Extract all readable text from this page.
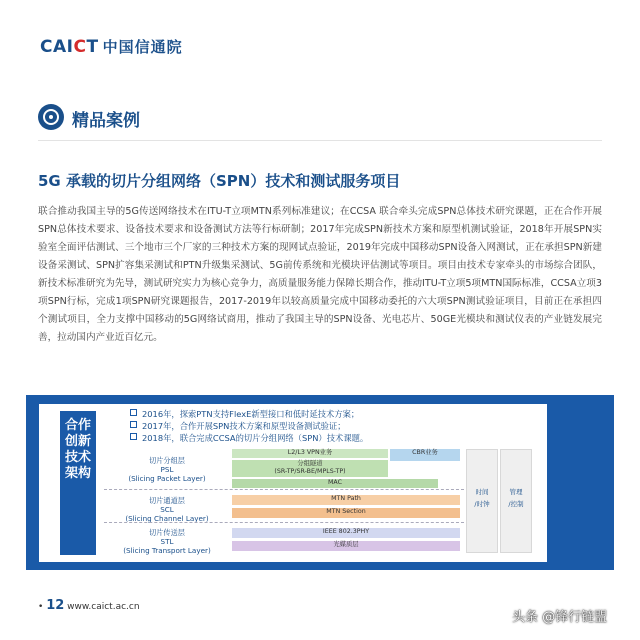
CAICT 中国信通院
精品案例
5G 承载的切片分组网络（SPN）技术和测试服务项目
联合推动我国主导的5G传送网络技术在ITU-T立项MTN系列标准建议；在CCSA 联合牵头完成SPN总体技术研究课题，正在合作开展SPN总体技术要求、设备技术要求和设备测试方法等行标研制；2017年完成SPN新技术方案和原型机测试验证，2018年开展SPN实验室全面评估测试、三个地市三个厂家的三种技术方案的现网试点验证，2019年完成中国移动SPN设备入网测试，正在承担SPN新建设备采测试、SPN扩容集采测试和PTN升级集采测试、5G前传系统和光模块评估测试等项目。项目由技术专家牵头的市场综合团队，新技术标准研究为先导，测试研究实力为核心竞争力，高质量服务能力保障长期合作，推动ITU-T立项5项MTN国际标准，CCSA立项3项SPN行标，完成1项SPN研究课题报告，2017-2019年以较高质量完成中国移动委托的六大项SPN测试验证项目，目前正在承担四个测试项目，全力支撑中国移动的5G网络试商用，推动了我国主导的SPN设备、光电芯片、50GE光模块和测试仪表的产业链发展完善，拉动国内产业近百亿元。
合作创新技术架构
2016年，探索PTN支持FlexE新型接口和低时延技术方案；
2017年，合作开展SPN技术方案和原型设备测试验证；
2018年，联合完成CCSA的切片分组网络（SPN）技术课题。
切片分组层
PSL
(Slicing Packet Layer)
切片通道层
SCL
(Slicing Channel Layer)
切片传送层
STL
(Slicing Transport Layer)
L2/L3 VPN业务	CBR业务
分组隧道
(SR-TP/SR-BE/MPLS-TP)
MAC
MTN Path
MTN Section
IEEE 802.3PHY
光媒质层
时间
/时钟
管理
/控制
• 12 www.caict.ac.cn
头条 @锋行链盟
